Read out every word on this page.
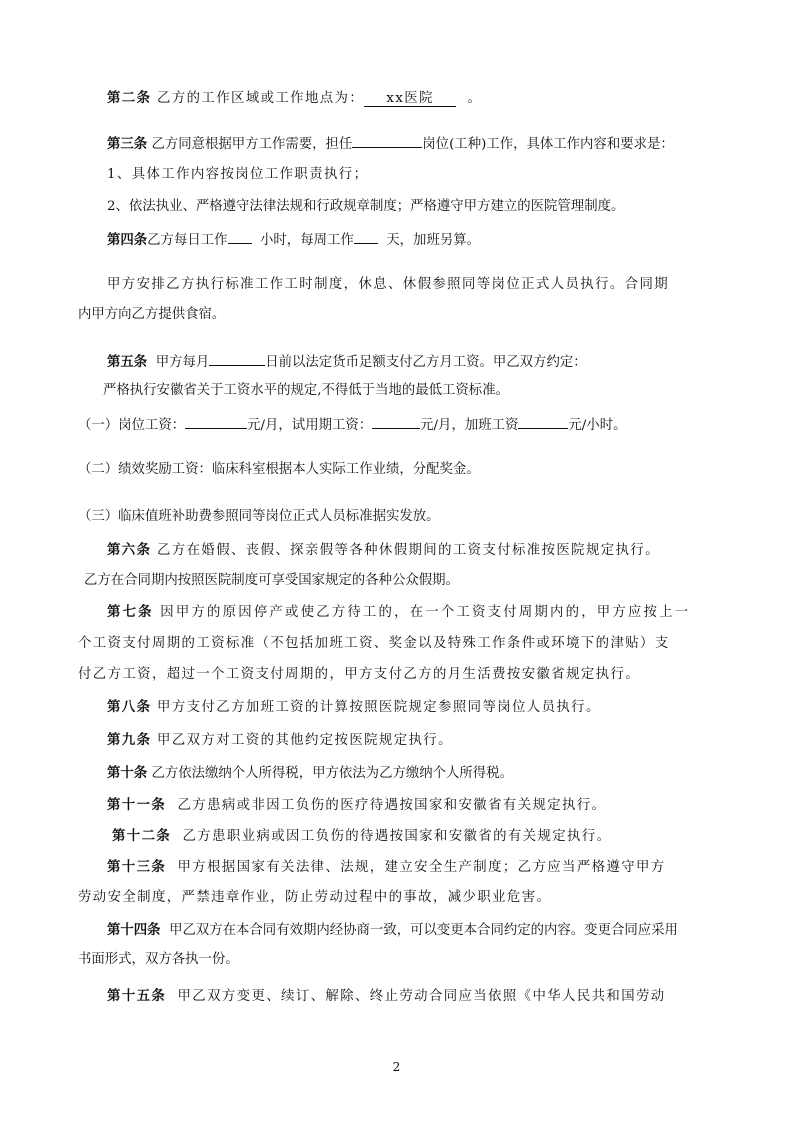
第二条 乙方的工作区域或工作地点为： xx医院	。
第三条 乙方同意根据甲方工作需要，担任	岗位(工种)工作，具体工作内容和要求是：
1、具体工作内容按岗位工作职责执行；
2、依法执业、严格遵守法律法规和行政规章制度；严格遵守甲方建立的医院管理制度。
第四条乙方每日工作 小时，每周工作 天，加班另算。
甲方安排乙方执行标准工作工时制度，休息、休假参照同等岗位正式人员执行。合同期
内甲方向乙方提供食宿。
第五条 甲方每月	日前以法定货币足额支付乙方月工资。甲乙双方约定：
严格执行安徽省关于工资水平的规定,不得低于当地的最低工资标准。
（一）岗位工资：	元/月，试用期工资：	元/月，加班工资	元/小时。
（二）绩效奖励工资：临床科室根据本人实际工作业绩，分配奖金。
（三）临床值班补助费参照同等岗位正式人员标准据实发放。
第六条 乙方在婚假、丧假、探亲假等各种休假期间的工资支付标准按医院规定执行。
乙方在合同期内按照医院制度可享受国家规定的各种公众假期。
第七条 因甲方的原因停产或使乙方待工的，在一个工资支付周期内的，甲方应按上一
个工资支付周期的工资标准（不包括加班工资、奖金以及特殊工作条件或环境下的津贴）支
付乙方工资，超过一个工资支付周期的，甲方支付乙方的月生活费按安徽省规定执行。
第八条 甲方支付乙方加班工资的计算按照医院规定参照同等岗位人员执行。
第九条 甲乙双方对工资的其他约定按医院规定执行。
第十条 乙方依法缴纳个人所得税，甲方依法为乙方缴纳个人所得税。
第十一条 乙方患病或非因工负伤的医疗待遇按国家和安徽省有关规定执行。
第十二条 乙方患职业病或因工负伤的待遇按国家和安徽省的有关规定执行。
第十三条 甲方根据国家有关法律、法规，建立安全生产制度；乙方应当严格遵守甲方
劳动安全制度，严禁违章作业，防止劳动过程中的事故，减少职业危害。
第十四条 甲乙双方在本合同有效期内经协商一致，可以变更本合同约定的内容。变更合同应采用
书面形式，双方各执一份。
第十五条 甲乙双方变更、续订、解除、终止劳动合同应当依照《中华人民共和国劳动
2
